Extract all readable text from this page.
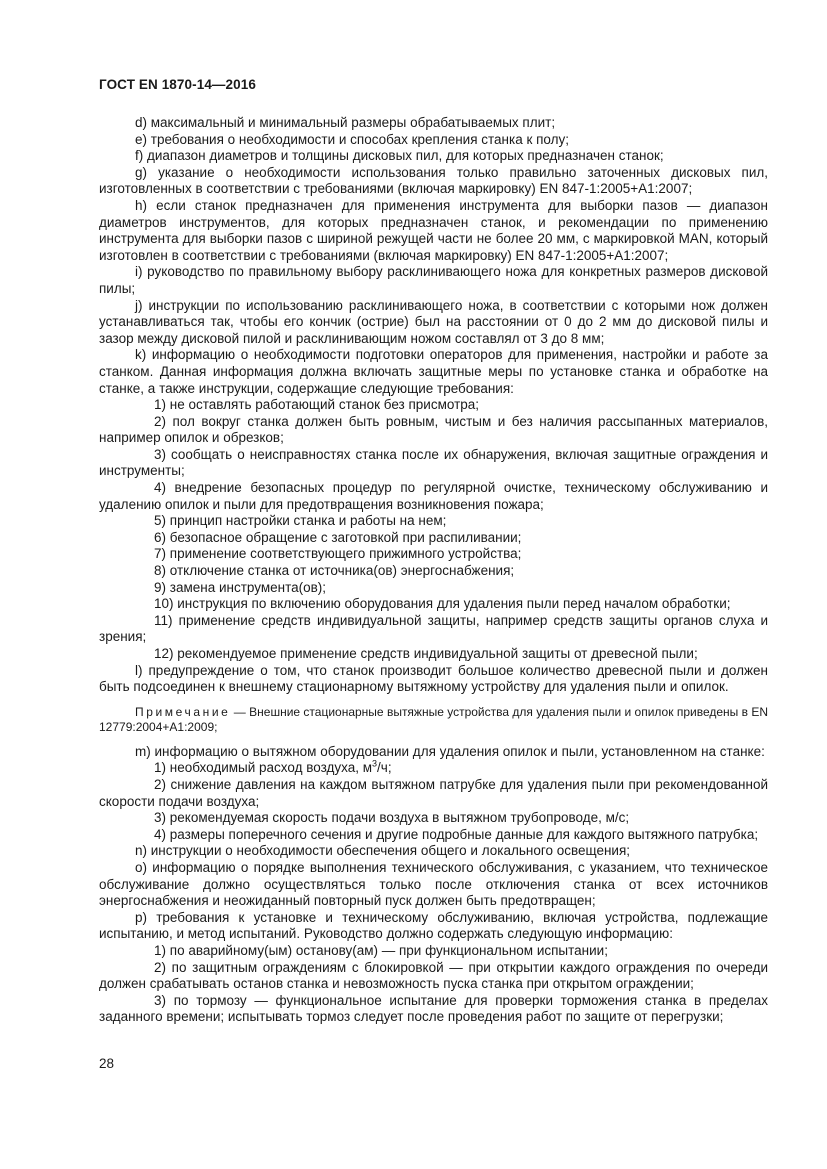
ГОСТ EN 1870-14—2016

d) максимальный и минимальный размеры обрабатываемых плит;

e) требования о необходимости и способах крепления станка к полу;

f) диапазон диаметров и толщины дисковых пил, для которых предназначен станок;

g) указание о необходимости использования только правильно заточенных дисковых пил, изготовленных в соответствии с требованиями (включая маркировку) EN 847-1:2005+A1:2007;

h) если станок предназначен для применения инструмента для выборки пазов — диапазон диаметров инструментов, для которых предназначен станок, и рекомендации по применению инструмента для выборки пазов с шириной режущей части не более 20 мм, с маркировкой MAN, который изготовлен в соответствии с требованиями (включая маркировку) EN 847-1:2005+A1:2007;

i) руководство по правильному выбору расклинивающего ножа для конкретных размеров дисковой пилы;

j) инструкции по использованию расклинивающего ножа, в соответствии с которыми нож должен устанавливаться так, чтобы его кончик (острие) был на расстоянии от 0 до 2 мм до дисковой пилы и зазор между дисковой пилой и расклинивающим ножом составлял от 3 до 8 мм;

k) информацию о необходимости подготовки операторов для применения, настройки и работе за станком. Данная информация должна включать защитные меры по установке станка и обработке на станке, а также инструкции, содержащие следующие требования:

1) не оставлять работающий станок без присмотра;

2) пол вокруг станка должен быть ровным, чистым и без наличия рассыпанных материалов, например опилок и обрезков;

3) сообщать о неисправностях станка после их обнаружения, включая защитные ограждения и инструменты;

4) внедрение безопасных процедур по регулярной очистке, техническому обслуживанию и удалению опилок и пыли для предотвращения возникновения пожара;

5) принцип настройки станка и работы на нем;

6) безопасное обращение с заготовкой при распиливании;

7) применение соответствующего прижимного устройства;

8) отключение станка от источника(ов) энергоснабжения;

9) замена инструмента(ов);

10) инструкция по включению оборудования для удаления пыли перед началом обработки;

11) применение средств индивидуальной защиты, например средств защиты органов слуха и зрения;

12) рекомендуемое применение средств индивидуальной защиты от древесной пыли;

l) предупреждение о том, что станок производит большое количество древесной пыли и должен быть подсоединен к внешнему стационарному вытяжному устройству для удаления пыли и опилок.

Примечание — Внешние стационарные вытяжные устройства для удаления пыли и опилок приведены в EN 12779:2004+A1:2009;

m) информацию о вытяжном оборудовании для удаления опилок и пыли, установленном на станке:

1) необходимый расход воздуха, $м^3/ч$;

2) снижение давления на каждом вытяжном патрубке для удаления пыли при рекомендованной скорости подачи воздуха;

3) рекомендуемая скорость подачи воздуха в вытяжном трубопроводе, м/с;

4) размеры поперечного сечения и другие подробные данные для каждого вытяжного патрубка;

n) инструкции о необходимости обеспечения общего и локального освещения;

o) информацию о порядке выполнения технического обслуживания, с указанием, что техническое обслуживание должно осуществляться только после отключения станка от всех источников энергоснабжения и неожиданный повторный пуск должен быть предотвращен;

p) требования к установке и техническому обслуживанию, включая устройства, подлежащие испытанию, и метод испытаний. Руководство должно содержать следующую информацию:

1) по аварийному(ым) останову(ам) — при функциональном испытании;

2) по защитным ограждениям с блокировкой — при открытии каждого ограждения по очереди должен срабатывать останов станка и невозможность пуска станка при открытом ограждении;

3) по тормозу — функциональное испытание для проверки торможения станка в пределах заданного времени; испытывать тормоз следует после проведения работ по защите от перегрузки;

28
